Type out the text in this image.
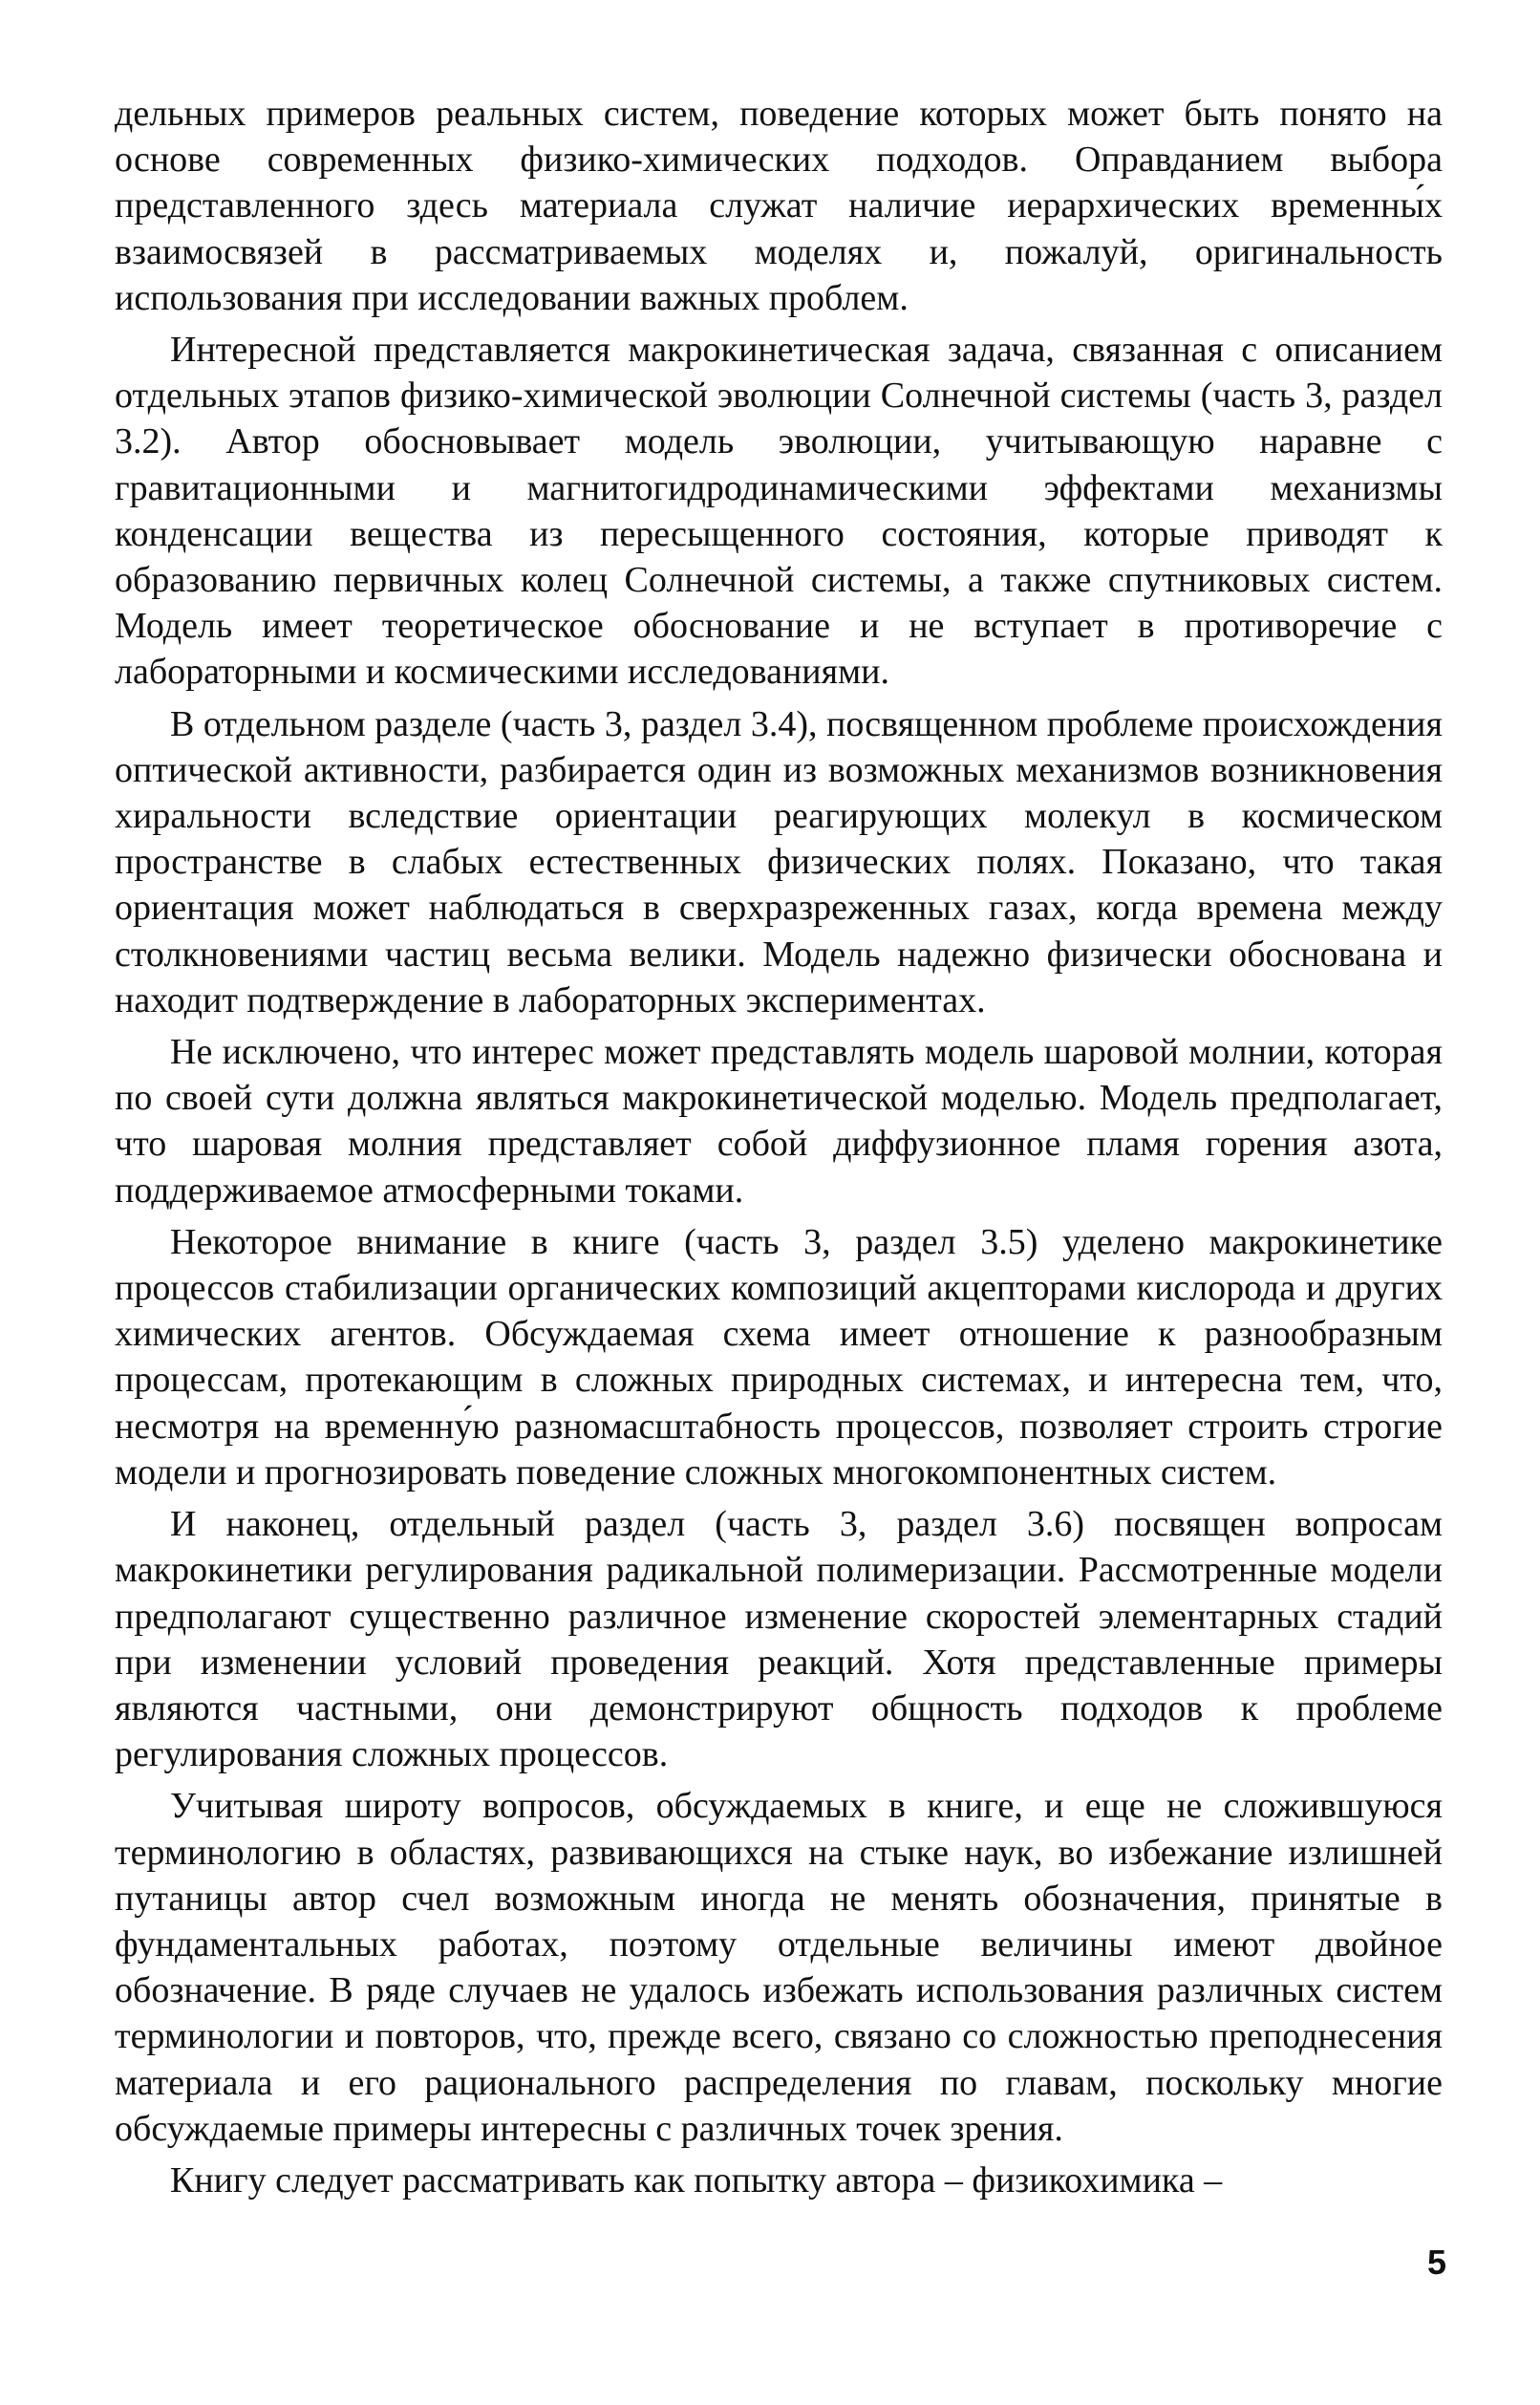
дельных примеров реальных систем, поведение которых может быть понято на основе современных физико-химических подходов. Оправданием выбора представленного здесь материала служат наличие иерархических временны́х взаимосвязей в рассматриваемых моделях и, пожалуй, оригинальность использования при исследовании важных проблем.

Интересной представляется макрокинетическая задача, связанная с описанием отдельных этапов физико-химической эволюции Солнечной системы (часть 3, раздел 3.2). Автор обосновывает модель эволюции, учитывающую наравне с гравитационными и магнитогидродинамическими эффектами механизмы конденсации вещества из пересыщенного состояния, которые приводят к образованию первичных колец Солнечной системы, а также спутниковых систем. Модель имеет теоретическое обоснование и не вступает в противоречие с лабораторными и космическими исследованиями.

В отдельном разделе (часть 3, раздел 3.4), посвященном проблеме происхождения оптической активности, разбирается один из возможных механизмов возникновения хиральности вследствие ориентации реагирующих молекул в космическом пространстве в слабых естественных физических полях. Показано, что такая ориентация может наблюдаться в сверхразреженных газах, когда времена между столкновениями частиц весьма велики. Модель надежно физически обоснована и находит подтверждение в лабораторных экспериментах.

Не исключено, что интерес может представлять модель шаровой молнии, которая по своей сути должна являться макрокинетической моделью. Модель предполагает, что шаровая молния представляет собой диффузионное пламя горения азота, поддерживаемое атмосферными токами.

Некоторое внимание в книге (часть 3, раздел 3.5) уделено макрокинетике процессов стабилизации органических композиций акцепторами кислорода и других химических агентов. Обсуждаемая схема имеет отношение к разнообразным процессам, протекающим в сложных природных системах, и интересна тем, что, несмотря на временну́ю разномасштабность процессов, позволяет строить строгие модели и прогнозировать поведение сложных многокомпонентных систем.

И наконец, отдельный раздел (часть 3, раздел 3.6) посвящен вопросам макрокинетики регулирования радикальной полимеризации. Рассмотренные модели предполагают существенно различное изменение скоростей элементарных стадий при изменении условий проведения реакций. Хотя представленные примеры являются частными, они демонстрируют общность подходов к проблеме регулирования сложных процессов.

Учитывая широту вопросов, обсуждаемых в книге, и еще не сложившуюся терминологию в областях, развивающихся на стыке наук, во избежание излишней путаницы автор счел возможным иногда не менять обозначения, принятые в фундаментальных работах, поэтому отдельные величины имеют двойное обозначение. В ряде случаев не удалось избежать использования различных систем терминологии и повторов, что, прежде всего, связано со сложностью преподнесения материала и его рационального распределения по главам, поскольку многие обсуждаемые примеры интересны с различных точек зрения.

Книгу следует рассматривать как попытку автора – физикохимика –

5
